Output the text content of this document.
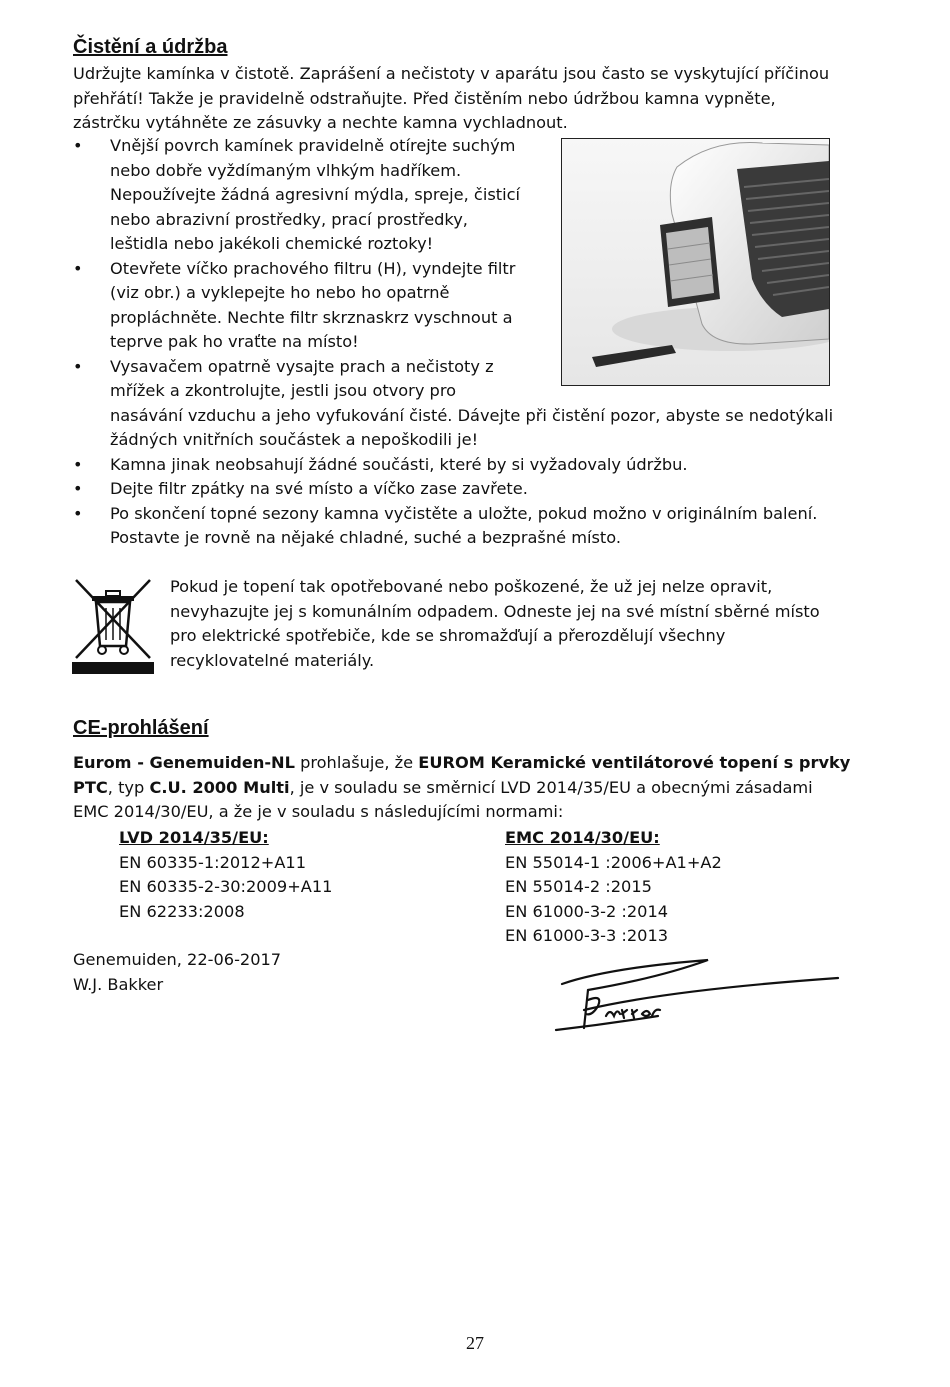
Čistění a údržba

Udržujte kamínka v čistotě. Zaprášení a nečistoty v aparátu jsou často se vyskytující příčinou
přehřátí! Takže je pravidelně odstraňujte. Před čistěním nebo údržbou kamna vypněte,
zástrčku vytáhněte ze zásuvky a nechte kamna vychladnout.

• Vnější povrch kamínek pravidelně otírejte suchým
nebo dobře vyždímaným vlhkým hadříkem.
Nepoužívejte žádná agresivní mýdla, spreje, čisticí
nebo abrazivní prostředky, prací prostředky,
leštidla nebo jakékoli chemické roztoky!
• Otevřete víčko prachového filtru (H), vyndejte filtr
(viz obr.) a vyklepejte ho nebo ho opatrně
propláchněte. Nechte filtr skrznaskrz vyschnout a
teprve pak ho vraťte na místo!
• Vysavačem opatrně vysajte prach a nečistoty z
mřížek a zkontrolujte, jestli jsou otvory pro
nasávání vzduchu a jeho vyfukování čisté. Dávejte při čistění pozor, abyste se nedotýkali
žádných vnitřních součástek a nepoškodili je!
• Kamna jinak neobsahují žádné součásti, které by si vyžadovaly údržbu.
• Dejte filtr zpátky na své místo a víčko zase zavřete.
• Po skončení topné sezony kamna vyčistěte a uložte, pokud možno v originálním balení.
Postavte je rovně na nějaké chladné, suché a bezprašné místo.

Pokud je topení tak opotřebované nebo poškozené, že už jej nelze opravit,
nevyhazujte jej s komunálním odpadem. Odneste jej na své místní sběrné místo
pro elektrické spotřebiče, kde se shromažďují a přerozdělují všechny
recyklovatelné materiály.

CE-prohlášení

Eurom - Genemuiden-NL prohlašuje, že EUROM Keramické ventilátorové topení s prvky
PTC, typ C.U. 2000 Multi, je v souladu se směrnicí LVD 2014/35/EU a obecnými zásadami
EMC 2014/30/EU, a že je v souladu s následujícími normami:

LVD 2014/35/EU:

EN 60335-1:2012+A11

EN 60335-2-30:2009+A11

EN 62233:2008

EMC 2014/30/EU:

EN 55014-1 :2006+A1+A2

EN 55014-2 :2015

EN 61000-3-2 :2014

EN 61000-3-3 :2013

Genemuiden, 22-06-2017

W.J. Bakker

27
